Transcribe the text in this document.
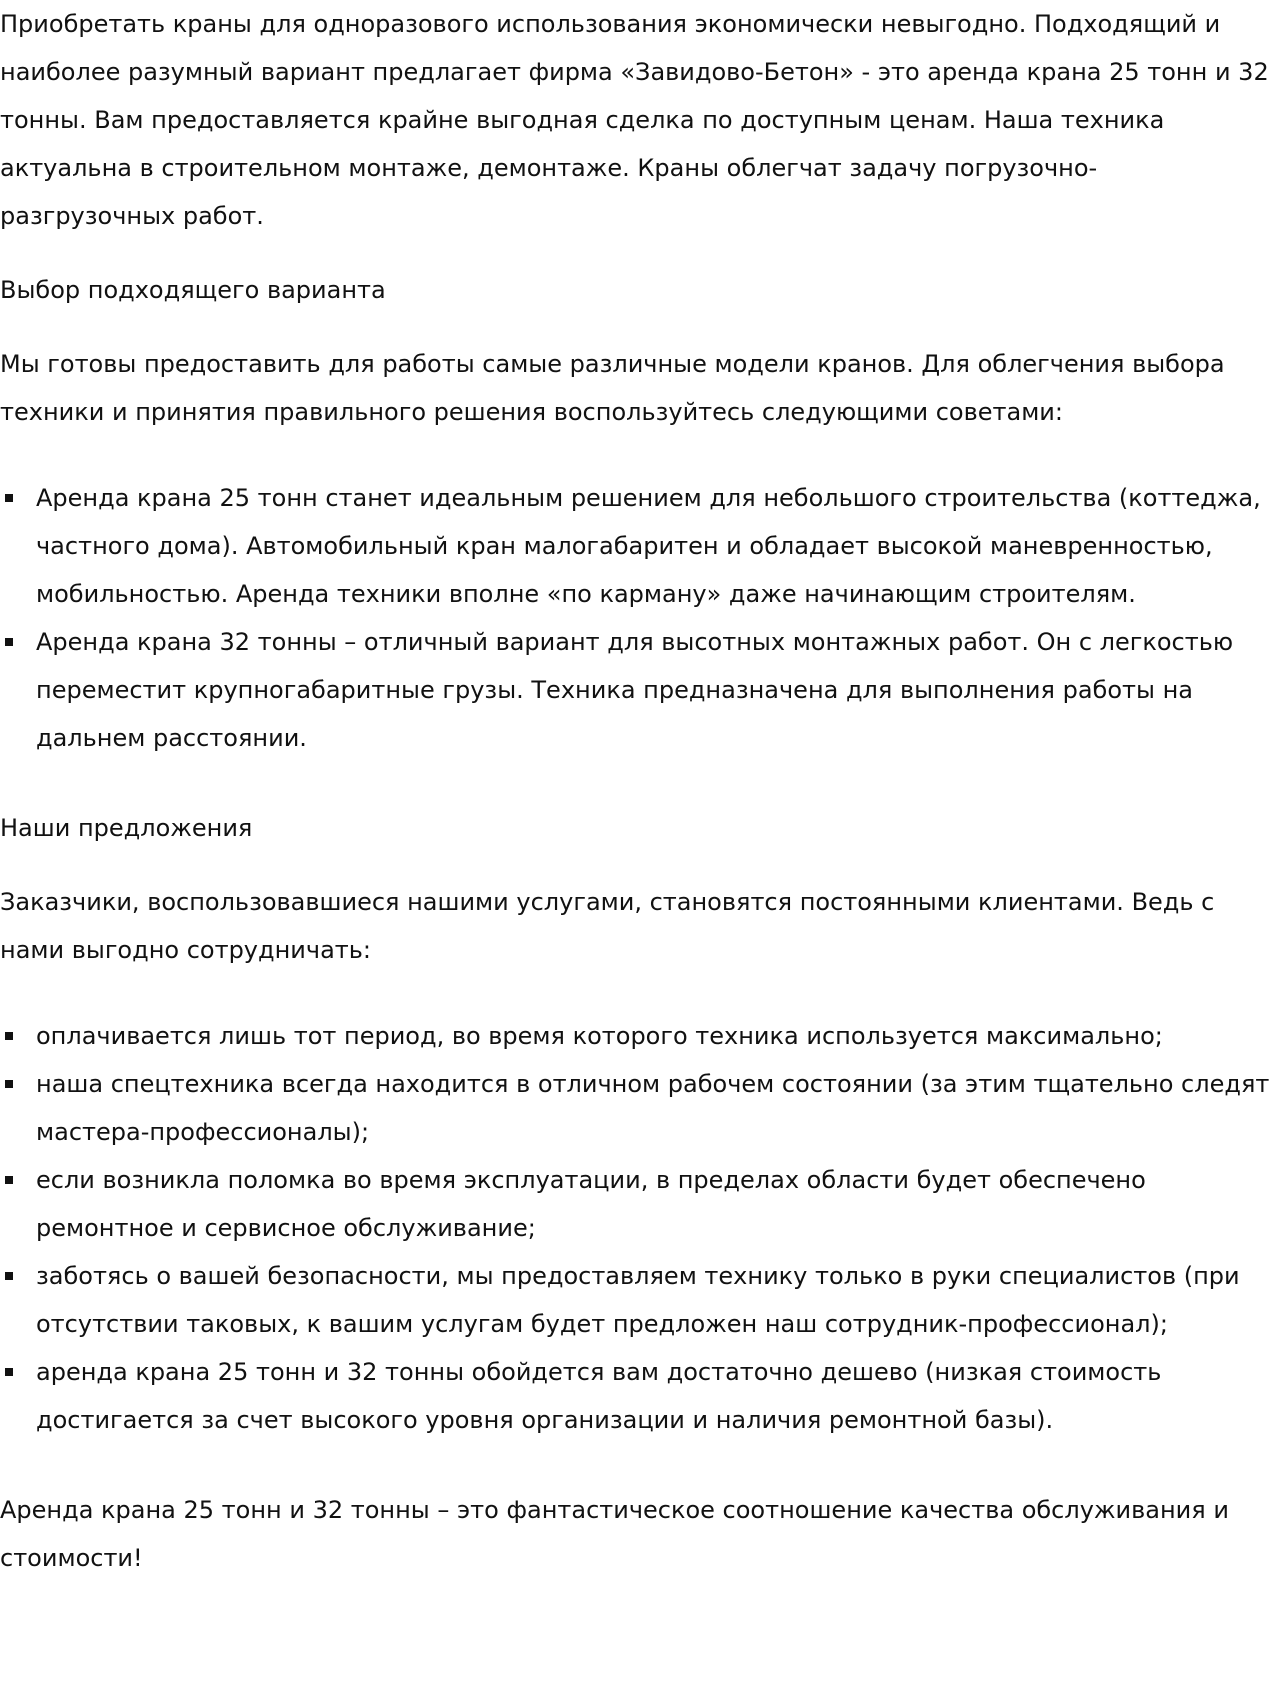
Приобретать краны для одноразового использования экономически невыгодно. Подходящий и наиболее разумный вариант предлагает фирма «Завидово-Бетон» - это аренда крана 25 тонн и 32 тонны. Вам предоставляется крайне выгодная сделка по доступным ценам. Наша техника актуальна в строительном монтаже, демонтаже. Краны облегчат задачу погрузочно-разгрузочных работ.

Выбор подходящего варианта

Мы готовы предоставить для работы самые различные модели кранов. Для облегчения выбора техники и принятия правильного решения воспользуйтесь следующими советами:

Аренда крана 25 тонн станет идеальным решением для небольшого строительства (коттеджа, частного дома). Автомобильный кран малогабаритен и обладает высокой маневренностью, мобильностью. Аренда техники вполне «по карману» даже начинающим строителям.
Аренда крана 32 тонны – отличный вариант для высотных монтажных работ. Он с легкостью переместит крупногабаритные грузы. Техника предназначена для выполнения работы на дальнем расстоянии.

Наши предложения

Заказчики, воспользовавшиеся нашими услугами, становятся постоянными клиентами. Ведь с нами выгодно сотрудничать:

оплачивается лишь тот период, во время которого техника используется максимально;
наша спецтехника всегда находится в отличном рабочем состоянии (за этим тщательно следят мастера-профессионалы);
если возникла поломка во время эксплуатации, в пределах области будет обеспечено ремонтное и сервисное обслуживание;
заботясь о вашей безопасности, мы предоставляем технику только в руки специалистов (при отсутствии таковых, к вашим услугам будет предложен наш сотрудник-профессионал);
аренда крана 25 тонн и 32 тонны обойдется вам достаточно дешево (низкая стоимость достигается за счет высокого уровня организации и наличия ремонтной базы).

Аренда крана 25 тонн и 32 тонны – это фантастическое соотношение качества обслуживания и стоимости!
